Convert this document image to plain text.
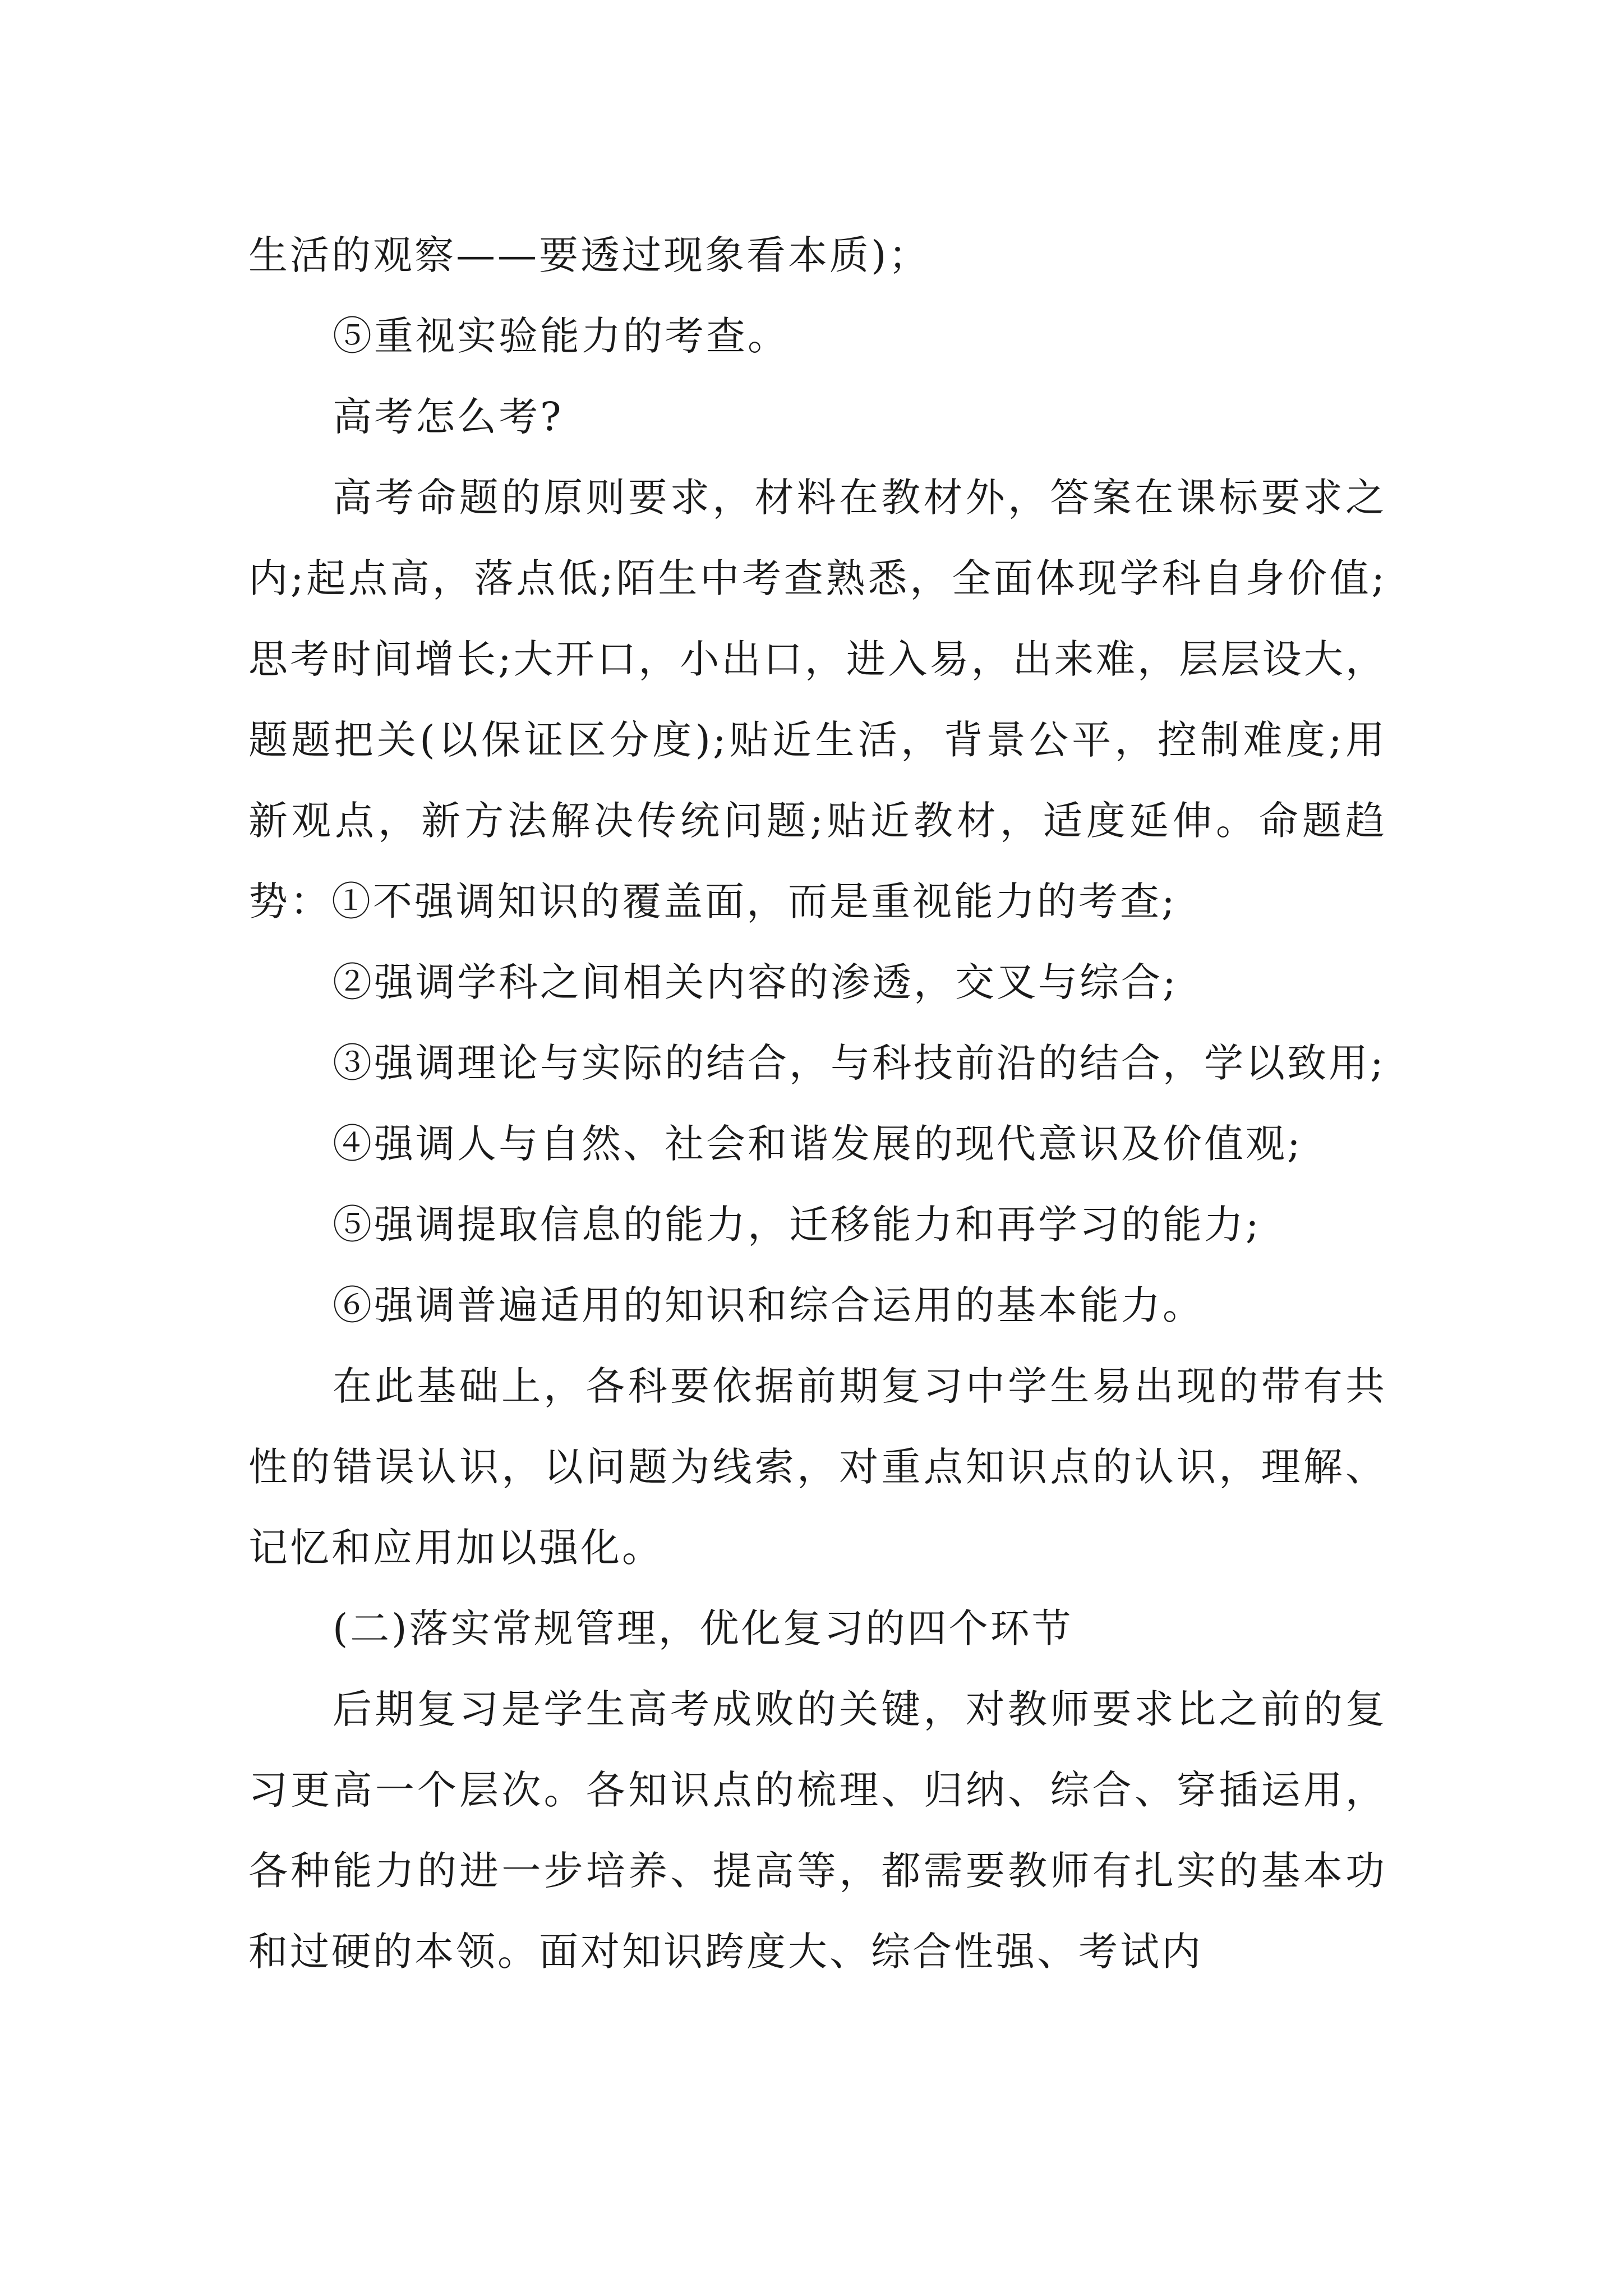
生活的观察——要透过现象看本质)；

⑤重视实验能力的考查。

高考怎么考?

高考命题的原则要求，材料在教材外，答案在课标要求之内;起点高，落点低;陌生中考查熟悉，全面体现学科自身价值;思考时间增长;大开口，小出口，进入易，出来难，层层设大，题题把关(以保证区分度);贴近生活，背景公平，控制难度;用新观点，新方法解决传统问题;贴近教材，适度延伸。命题趋势：①不强调知识的覆盖面，而是重视能力的考查;

②强调学科之间相关内容的渗透，交叉与综合;

③强调理论与实际的结合，与科技前沿的结合，学以致用;

④强调人与自然、社会和谐发展的现代意识及价值观;

⑤强调提取信息的能力，迁移能力和再学习的能力;

⑥强调普遍适用的知识和综合运用的基本能力。

在此基础上，各科要依据前期复习中学生易出现的带有共性的错误认识，以问题为线索，对重点知识点的认识，理解、记忆和应用加以强化。

(二)落实常规管理，优化复习的四个环节

后期复习是学生高考成败的关键，对教师要求比之前的复习更高一个层次。各知识点的梳理、归纳、综合、穿插运用，各种能力的进一步培养、提高等，都需要教师有扎实的基本功和过硬的本领。面对知识跨度大、综合性强、考试内
